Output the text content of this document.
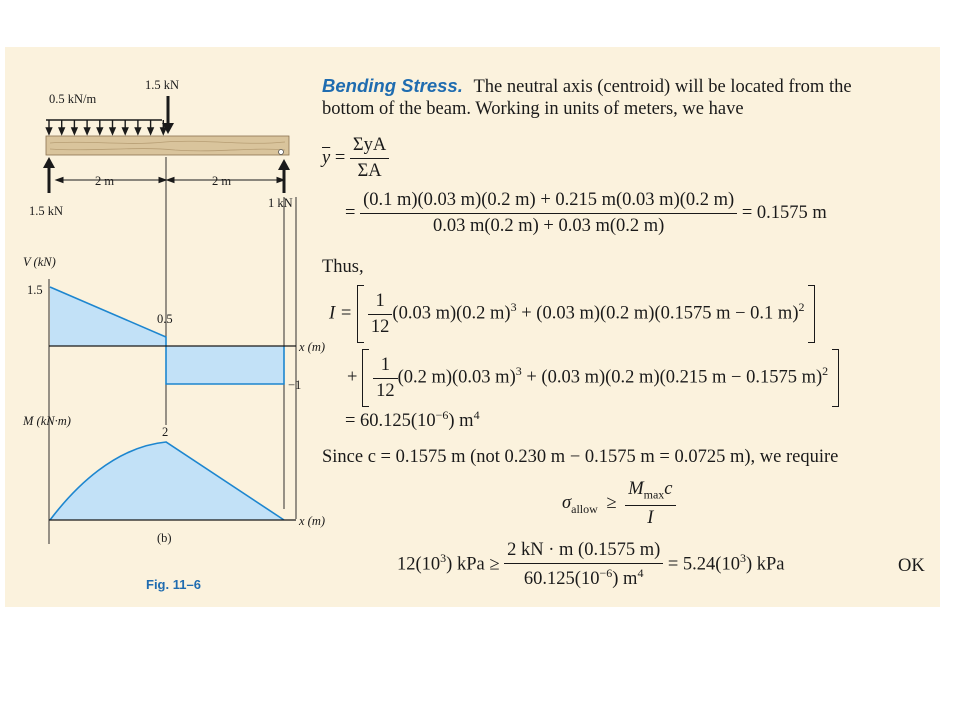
0.5 kN/m
1.5 kN
2 m	2 m
1.5 kN
1 kN
V (kN)
1.5
0.5
−1
x (m)
M (kN·m)
2
x (m)
(b)
Fig. 11–6
Bending Stress. The neutral axis (centroid) will be located from the
bottom of the beam. Working in units of meters, we have
$\overline{y} = \frac{\text{ΣyA}}{\Sigma A}$
= $\frac{(0.1 m)(0.03 m)(0.2 m) + 0.215 m(0.03 m)(0.2 m)}{0.03 m(0.2 m) + 0.03 m(0.2 m)} = 0.1575$ m
Thus,
$I = \frac{1}{12} (0.03$ m)(0.2 m)$^3$ + (0.03 m)(0.2 m)(0.1575 m − 0.1 m)$^2$
+ $\frac{1}{12} (0.2$ m)(0.03 m)$^3$ + (0.03 m)(0.2 m)(0.215 m − 0.1575 m)$^2$
= $60.125(10^{-6})$ $m^4$
Since c = 0.1575 m (not 0.230 m − 0.1575 m = 0.0725 m), we require
$\sigma_{allow} \ge \frac{M_{max}c}{I}$
$12(10^3)$ kPa ≥ $\frac{2 kN \cdot m (0.1575 m)}{60.125(10^{-6}) m^4} = 5.24(10^3)$ kPa	OK
